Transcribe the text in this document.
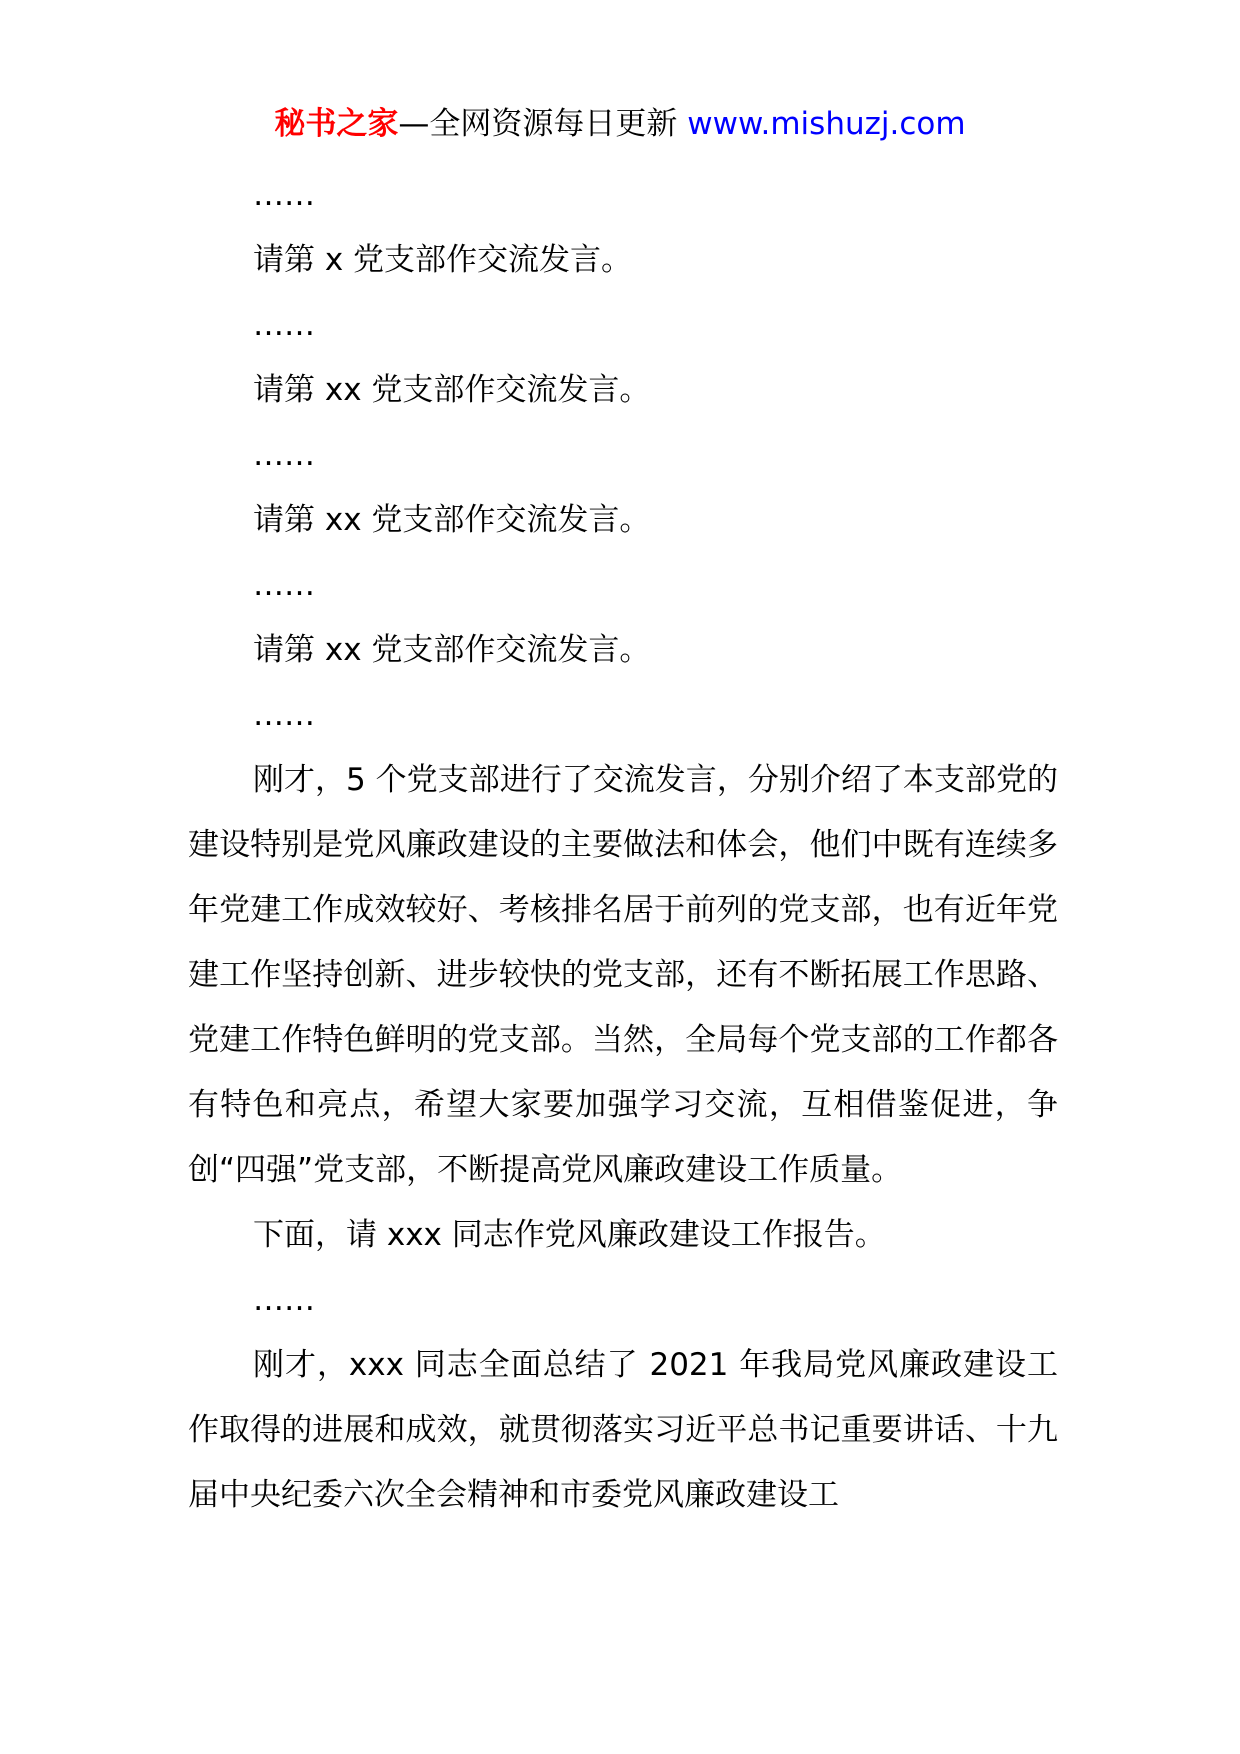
秘书之家—全网资源每日更新 www.mishuzj.com

……

请第 x 党支部作交流发言。

……

请第 xx 党支部作交流发言。

……

请第 xx 党支部作交流发言。

……

请第 xx 党支部作交流发言。

……

刚才，5 个党支部进行了交流发言，分别介绍了本支部党的建设特别是党风廉政建设的主要做法和体会，他们中既有连续多年党建工作成效较好、考核排名居于前列的党支部，也有近年党建工作坚持创新、进步较快的党支部，还有不断拓展工作思路、党建工作特色鲜明的党支部。当然，全局每个党支部的工作都各有特色和亮点，希望大家要加强学习交流，互相借鉴促进，争创“四强”党支部，不断提高党风廉政建设工作质量。

下面，请 xxx 同志作党风廉政建设工作报告。

……

刚才，xxx 同志全面总结了 2021 年我局党风廉政建设工作取得的进展和成效，就贯彻落实习近平总书记重要讲话、十九届中央纪委六次全会精神和市委党风廉政建设工
